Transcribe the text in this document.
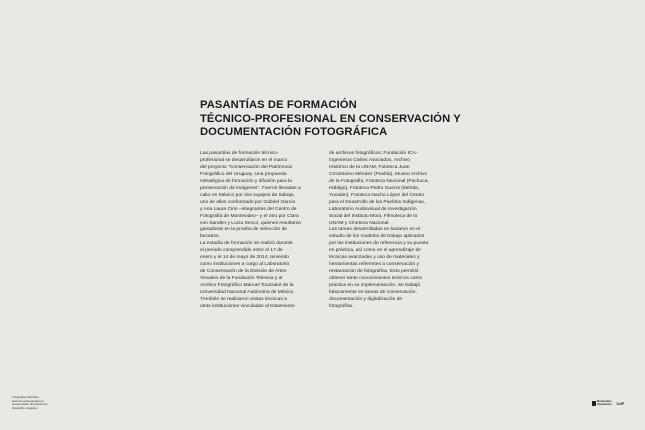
PASANTÍAS DE FORMACIÓN
TÉCNICO-PROFESIONAL EN CONSERVACIÓN Y
DOCUMENTACIÓN FOTOGRÁFICA
Las pasantías de formación técnico-
profesional se desarrollaron en el marco
del proyecto "Conservación del Patrimonio
Fotográfico del Uruguay. Una propuesta
estratégica de formación y difusión para la
preservación de imágenes". Fueron llevadas a
cabo en México por dos equipos de trabajo,
uno de ellos conformado por Gabriel García
y Ana Laura Cirio –integrantes del Centro de
Fotografía de Montevideo– y el otro por Clara
von Sanden y Lucía Secco, quienes resultaron
ganadoras en la prueba de selección de
becarios.
La estadía de formación se realizó durante
el período comprendido entre el 17 de
enero y el 14 de mayo de 2014, teniendo
como instituciones a cargo al Laboratorio
de Conservación de la División de Artes
Visuales de la Fundación Televisa y al
Archivo Fotográfico Manuel Toussaint de la
Universidad Nacional Autónoma de México.
TAmbién se realizaron visitas técnicas a
otras instituciones vinculadas al tratamiento
de archivos fotográficos: Fundación ICA-
Ingenieros Civiles Asociados, Archivo
Histórico de la UNAM, Fototeca Juan
Crisóstomo Méndez (Puebla), Museo Archivo
de la Fotografía, Fototeca Nacional (Pachuca,
Hidalgo), Fototeca Pedro Guerra (Mérida,
Yucatán), Fototeca Nacho López del Centro
para el Desarrollo de los Pueblos Indígenas,
Laboratorio Audiovisual de Investigación
Social del Instituto Mora, Filmoteca de la
UNAM y Cineteca Nacional.
Las tareas desarrolladas se basaron en el
estudio de los modelos de trabajo aplicados
por las instituciones de referencia y su puesta
en práctica, así como en el aprendizaje de
técnicas avanzadas y uso de materiales y
herramientas referentes a conservación y
restauración de fotografías. Esto permitió
obtener tanto conocimientos teóricos como
práctica en su implementación. Se trabajó
básicamente en tareas de conservación,
documentación y digitalización de
fotografías.
Fotografías históricas,
acervos contemporáneos.
Conservación del patrimonio
fotográfico uruguayo
Montevideo
Intendencia CdF
